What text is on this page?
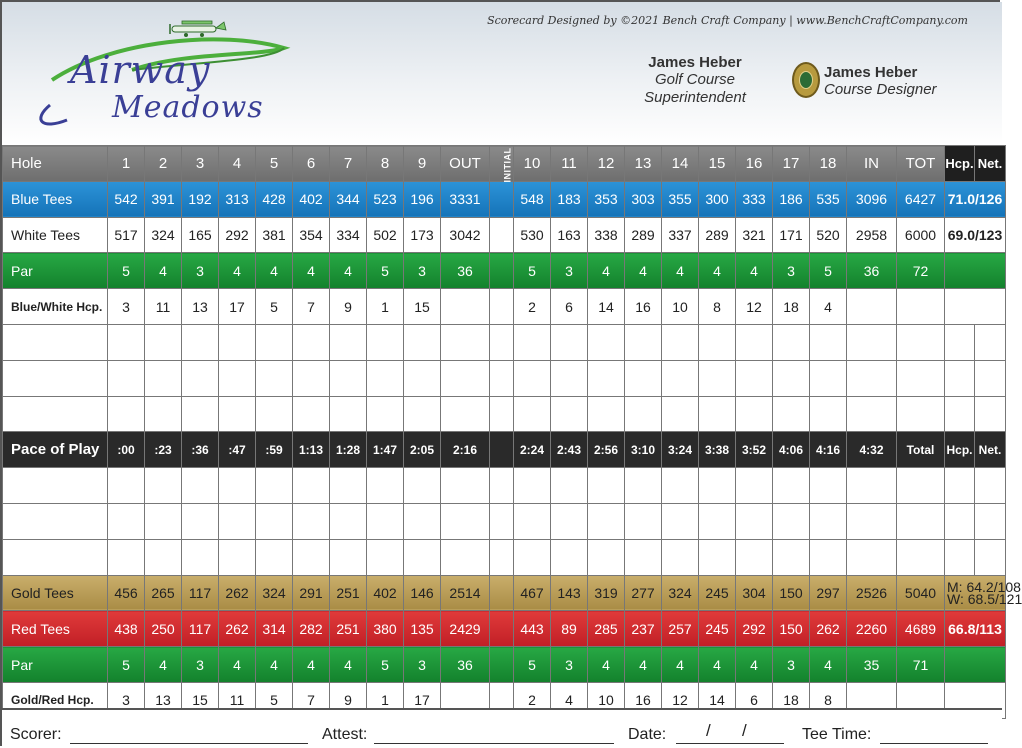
Scorecard Designed by ©2021 Bench Craft Company | www.BenchCraftCompany.com
Airway
Meadows
James Heber
Golf Course
Superintendent
James Heber
Course Designer
Hole	1	2	3	4	5	6	7	8	9	OUT	INITIAL	10	11	12	13	14	15	16	17	18	IN	TOT	Hcp.	Net.
Blue Tees	542	391	192	313	428	402	344	523	196	3331		548	183	353	303	355	300	333	186	535	3096	6427	71.0/126	
White Tees	517	324	165	292	381	354	334	502	173	3042		530	163	338	289	337	289	321	171	520	2958	6000	69.0/123	
Par	5	4	3	4	4	4	4	5	3	36		5	3	4	4	4	4	4	3	5	36	72		
Blue/White Hcp.	3	11	13	17	5	7	9	1	15			2	6	14	16	10	8	12	18	4				

Pace of Play	:00	:23	:36	:47	:59	1:13	1:28	1:47	2:05	2:16		2:24	2:43	2:56	3:10	3:24	3:38	3:52	4:06	4:16	4:32	Total	Hcp.	Net.

Gold Tees	456	265	117	262	324	291	251	402	146	2514		467	143	319	277	324	245	304	150	297	2526	5040	M: 64.2/108
W: 68.5/121	

Red Tees	438	250	117	262	314	282	251	380	135	2429		443	89	285	237	257	245	292	150	262	2260	4689	66.8/113	
Par	5	4	3	4	4	4	4	5	3	36		5	3	4	4	4	4	4	3	4	35	71		
Gold/Red Hcp.	3	13	15	11	5	7	9	1	17			2	4	10	16	12	14	6	18	8				
Scorer:	Attest:	Date: / /	Tee Time:
